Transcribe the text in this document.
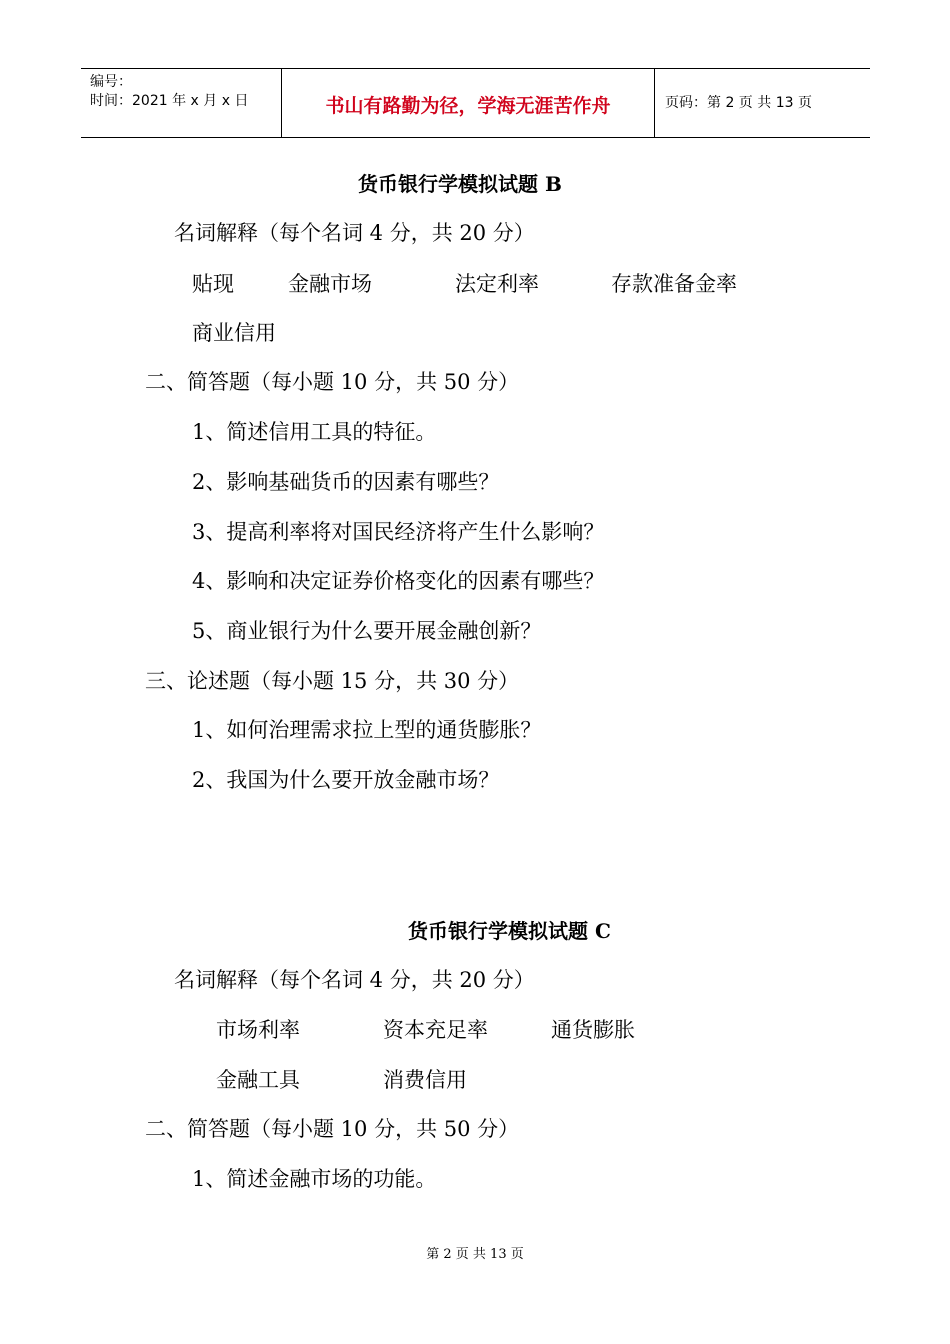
编号：
时间：2021 年 x 月 x 日	书山有路勤为径，学海无涯苦作舟	页码：第 2 页 共 13 页
货币银行学模拟试题 B
名词解释（每个名词 4 分，共 20 分）
贴现	金融市场	法定利率	存款准备金率
商业信用
二、简答题（每小题 10 分，共 50 分）
1、简述信用工具的特征。
2、影响基础货币的因素有哪些？
3、提高利率将对国民经济将产生什么影响？
4、影响和决定证券价格变化的因素有哪些？
5、商业银行为什么要开展金融创新？
三、论述题（每小题 15 分，共 30 分）
1、如何治理需求拉上型的通货膨胀？
2、我国为什么要开放金融市场？
货币银行学模拟试题 C
名词解释（每个名词 4 分，共 20 分）
市场利率	资本充足率	通货膨胀
金融工具	消费信用
二、简答题（每小题 10 分，共 50 分）
1、简述金融市场的功能。
第 2 页 共 13 页
